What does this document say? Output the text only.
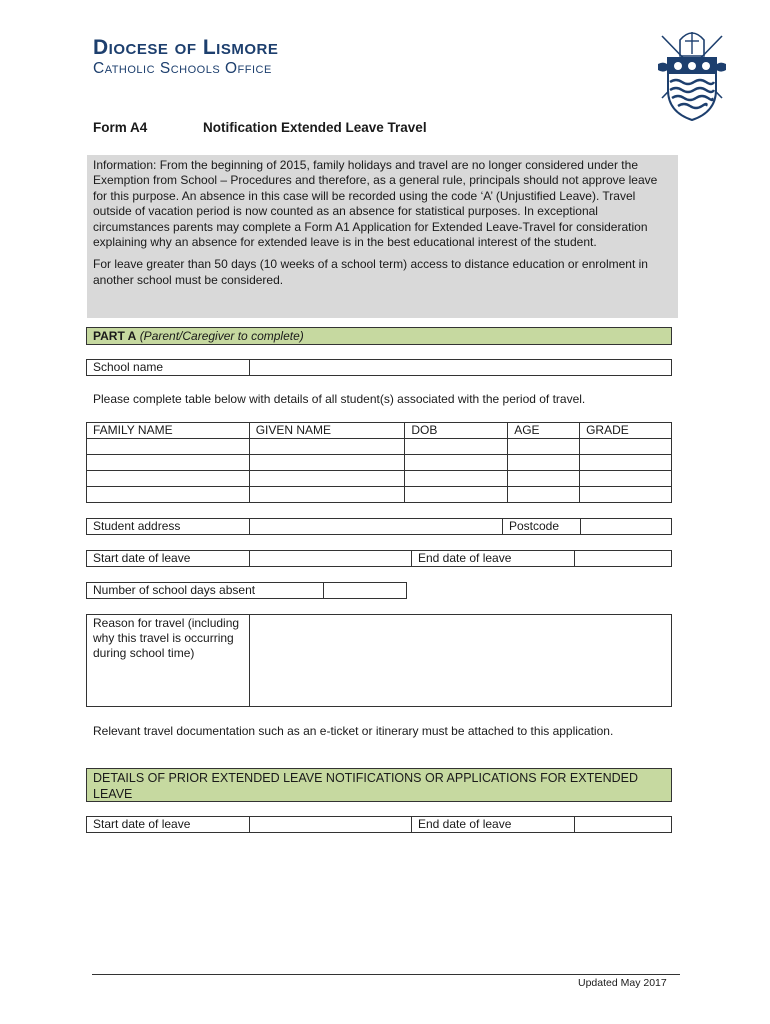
Diocese of Lismore
Catholic Schools Office
Form A4	Notification Extended Leave Travel

Information: From the beginning of 2015, family holidays and travel are no longer considered under the Exemption from School – Procedures and therefore, as a general rule, principals should not approve leave for this purpose. An absence in this case will be recorded using the code ‘A’ (Unjustified Leave). Travel outside of vacation period is now counted as an absence for statistical purposes. In exceptional circumstances parents may complete a Form A1 Application for Extended Leave-Travel for consideration explaining why an absence for extended leave is in the best educational interest of the student.

For leave greater than 50 days (10 weeks of a school term) access to distance education or enrolment in another school must be considered.

PART A (Parent/Caregiver to complete)
School name
Please complete table below with details of all student(s) associated with the period of travel.
FAMILY NAME	GIVEN NAME	DOB	AGE	GRADE

Student address	Postcode
Start date of leave	End date of leave
Number of school days absent
Reason for travel (including why this travel is occurring during school time)
Relevant travel documentation such as an e-ticket or itinerary must be attached to this application.
DETAILS OF PRIOR EXTENDED LEAVE NOTIFICATIONS OR APPLICATIONS FOR EXTENDED LEAVE
Start date of leave	End date of leave
Updated May 2017
